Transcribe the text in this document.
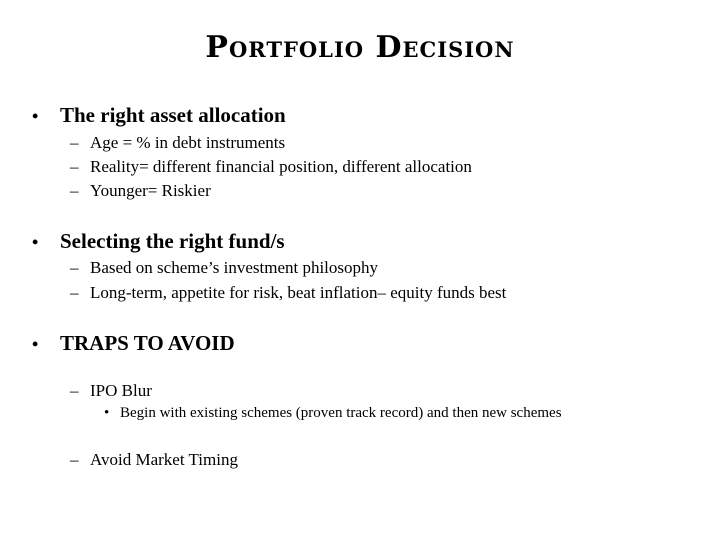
Portfolio Decision
• The right asset allocation
– Age = % in debt instruments
– Reality= different financial position, different allocation
– Younger= Riskier
• Selecting the right fund/s
– Based on scheme’s investment philosophy
– Long-term, appetite for risk, beat inflation– equity funds best
• TRAPS TO AVOID
– IPO Blur
• Begin with existing schemes (proven track record) and then new schemes
– Avoid Market Timing
